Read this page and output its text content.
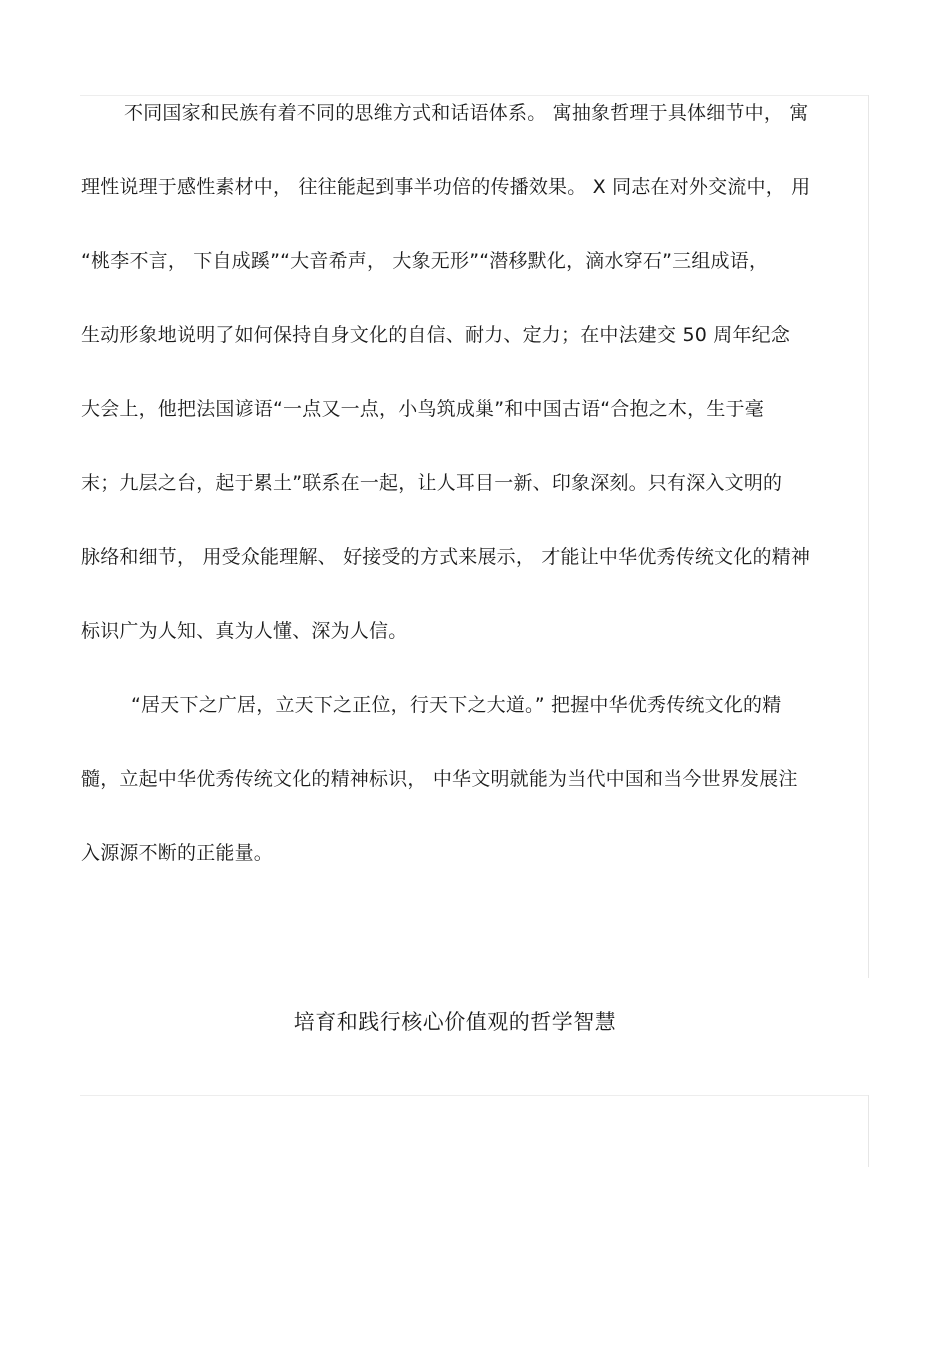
不同国家和民族有着不同的思维方式和话语体系。 寓抽象哲理于具体细节中， 寓
理性说理于感性素材中， 往往能起到事半功倍的传播效果。 X 同志在对外交流中， 用
“桃李不言， 下自成蹊”“大音希声， 大象无形”“潜移默化，滴水穿石”三组成语，
生动形象地说明了如何保持自身文化的自信、耐力、定力；在中法建交 50 周年纪念
大会上，他把法国谚语“一点又一点，小鸟筑成巢”和中国古语“合抱之木，生于毫
末；九层之台，起于累土”联系在一起，让人耳目一新、印象深刻。只有深入文明的
脉络和细节， 用受众能理解、 好接受的方式来展示， 才能让中华优秀传统文化的精神
标识广为人知、真为人懂、深为人信。
“居天下之广居，立天下之正位，行天下之大道。” 把握中华优秀传统文化的精
髓，立起中华优秀传统文化的精神标识， 中华文明就能为当代中国和当今世界发展注
入源源不断的正能量。
培育和践行核心价值观的哲学智慧
